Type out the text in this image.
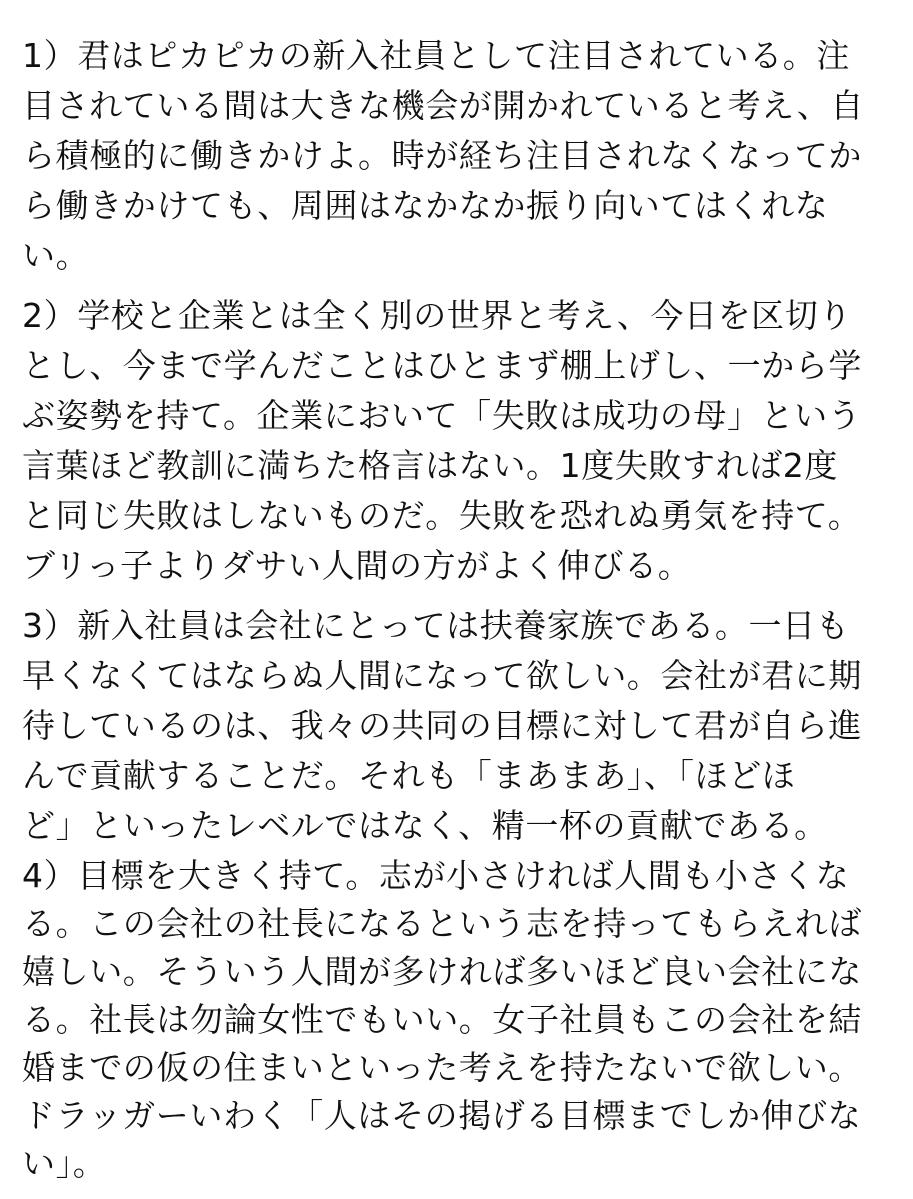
1）君はピカピカの新入社員として注目されている。注
目されている間は大きな機会が開かれていると考え、自
ら積極的に働きかけよ。時が経ち注目されなくなってか
ら働きかけても、周囲はなかなか振り向いてはくれな
い。
2）学校と企業とは全く別の世界と考え、今日を区切り
とし、今まで学んだことはひとまず棚上げし、一から学
ぶ姿勢を持て。企業において「失敗は成功の母」という
言葉ほど教訓に満ちた格言はない。1度失敗すれば2度
と同じ失敗はしないものだ。失敗を恐れぬ勇気を持て。
ブリっ子よりダサい人間の方がよく伸びる。
3）新入社員は会社にとっては扶養家族である。一日も
早くなくてはならぬ人間になって欲しい。会社が君に期
待しているのは、我々の共同の目標に対して君が自ら進
んで貢献することだ。それも「まあまあ」、「ほどほ
ど」といったレベルではなく、精一杯の貢献である。
4）目標を大きく持て。志が小さければ人間も小さくな
る。この会社の社長になるという志を持ってもらえれば
嬉しい。そういう人間が多ければ多いほど良い会社にな
る。社長は勿論女性でもいい。女子社員もこの会社を結
婚までの仮の住まいといった考えを持たないで欲しい。
ドラッガーいわく「人はその掲げる目標までしか伸びな
い」。
